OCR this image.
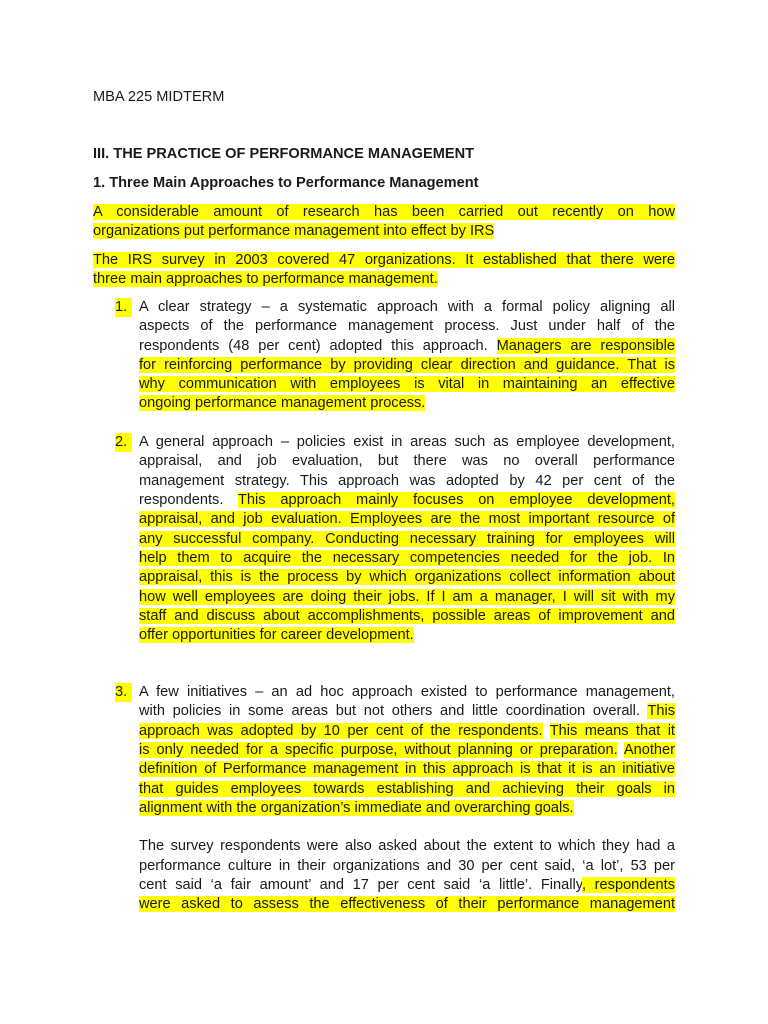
MBA 225 MIDTERM
III. THE PRACTICE OF PERFORMANCE MANAGEMENT
1. Three Main Approaches to Performance Management
A considerable amount of research has been carried out recently on how
organizations put performance management into effect by IRS
The IRS survey in 2003 covered 47 organizations. It established that there were
three main approaches to performance management.
1. A clear strategy – a systematic approach with a formal policy aligning all
aspects of the performance management process. Just under half of the
respondents (48 per cent) adopted this approach. Managers are responsible
for reinforcing performance by providing clear direction and guidance. That is
why communication with employees is vital in maintaining an effective
ongoing performance management process.
2. A general approach – policies exist in areas such as employee development,
appraisal, and job evaluation, but there was no overall performance
management strategy. This approach was adopted by 42 per cent of the
respondents. This approach mainly focuses on employee development,
appraisal, and job evaluation. Employees are the most important resource of
any successful company. Conducting necessary training for employees will
help them to acquire the necessary competencies needed for the job. In
appraisal, this is the process by which organizations collect information about
how well employees are doing their jobs. If I am a manager, I will sit with my
staff and discuss about accomplishments, possible areas of improvement and
offer opportunities for career development.
3. A few initiatives – an ad hoc approach existed to performance management,
with policies in some areas but not others and little coordination overall. This
approach was adopted by 10 per cent of the respondents. This means that it
is only needed for a specific purpose, without planning or preparation. Another
definition of Performance management in this approach is that it is an initiative
that guides employees towards establishing and achieving their goals in
alignment with the organization’s immediate and overarching goals.
The survey respondents were also asked about the extent to which they had a
performance culture in their organizations and 30 per cent said, ‘a lot’, 53 per
cent said ‘a fair amount’ and 17 per cent said ‘a little’. Finally, respondents
were asked to assess the effectiveness of their performance management
